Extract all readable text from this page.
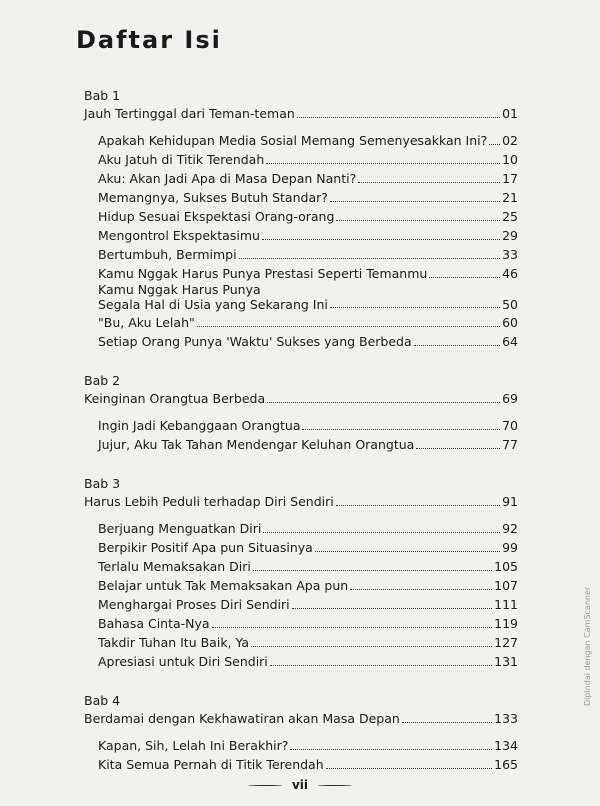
Daftar Isi
Bab 1
Jauh Tertinggal dari Teman-teman	01
Apakah Kehidupan Media Sosial Memang Semenyesakkan Ini? 02
Aku Jatuh di Titik Terendah	10
Aku: Akan Jadi Apa di Masa Depan Nanti?	17
Memangnya, Sukses Butuh Standar?	21
Hidup Sesuai Ekspektasi Orang-orang	25
Mengontrol Ekspektasimu	29
Bertumbuh, Bermimpi	33
Kamu Nggak Harus Punya Prestasi Seperti Temanmu	46
Kamu Nggak Harus Punya
Segala Hal di Usia yang Sekarang Ini	50
"Bu, Aku Lelah"	60
Setiap Orang Punya 'Waktu' Sukses yang Berbeda	64
Bab 2
Keinginan Orangtua Berbeda	69
Ingin Jadi Kebanggaan Orangtua	70
Jujur, Aku Tak Tahan Mendengar Keluhan Orangtua	77
Bab 3
Harus Lebih Peduli terhadap Diri Sendiri	91
Berjuang Menguatkan Diri	92
Berpikir Positif Apa pun Situasinya	99
Terlalu Memaksakan Diri	105
Belajar untuk Tak Memaksakan Apa pun	107
Menghargai Proses Diri Sendiri	111
Bahasa Cinta-Nya	119
Takdir Tuhan Itu Baik, Ya	127
Apresiasi untuk Diri Sendiri	131
Bab 4
Berdamai dengan Kekhawatiran akan Masa Depan	133
Kapan, Sih, Lelah Ini Berakhir?	134
Kita Semua Pernah di Titik Terendah	165
vii
Dipindai dengan CamScanner
